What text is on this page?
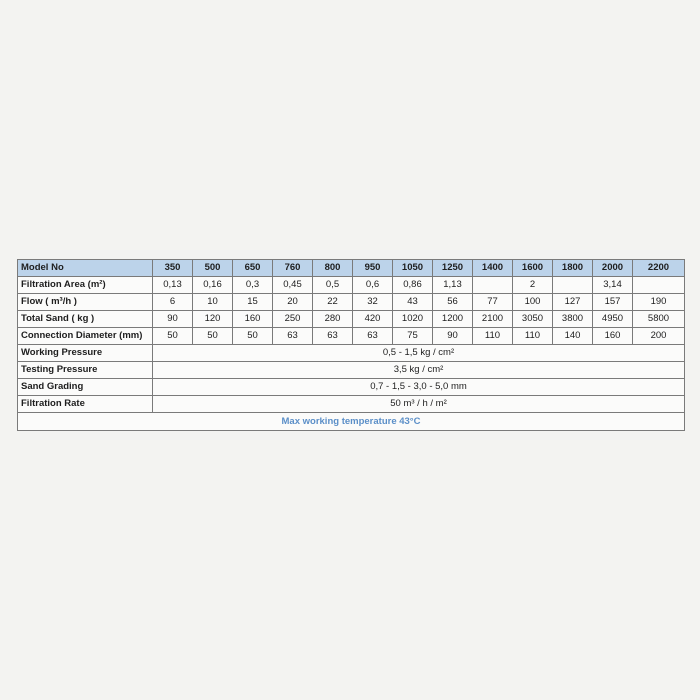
Model No	350	500	650	760	800	950	1050	1250	1400	1600	1800	2000	2200
Filtration Area (m²)	0,13	0,16	0,3	0,45	0,5	0,6	0,86	1,13		2		3,14	
Flow ( m³/h )	6	10	15	20	22	32	43	56	77	100	127	157	190
Total Sand ( kg )	90	120	160	250	280	420	1020	1200	2100	3050	3800	4950	5800
Connection Diameter (mm)	50	50	50	63	63	63	75	90	110	110	140	160	200
Working Pressure	0,5 - 1,5 kg / cm²												
Testing Pressure	3,5 kg / cm²												
Sand Grading	0,7 - 1,5 - 3,0 - 5,0 mm												
Filtration Rate	50 m³ / h / m²												
Max working temperature 43°C													
